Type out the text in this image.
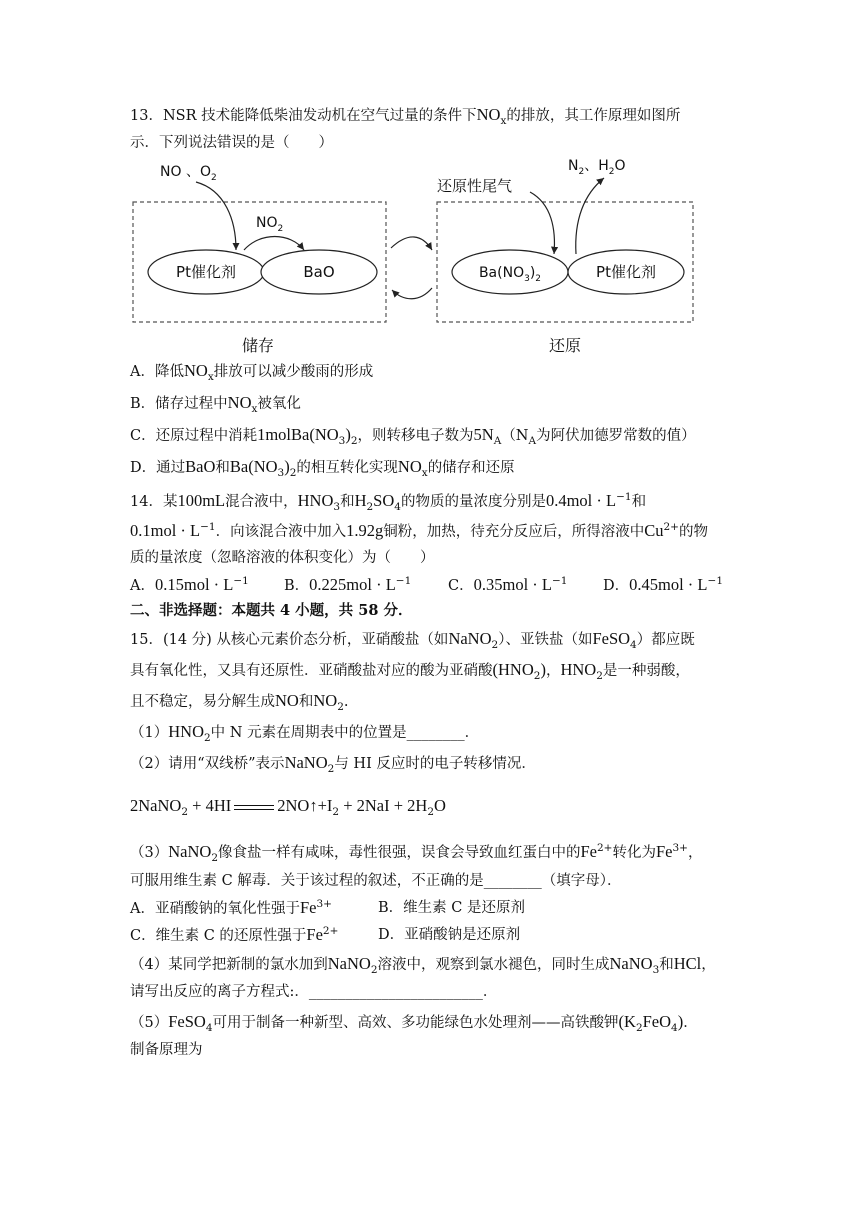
13．NSR 技术能降低柴油发动机在空气过量的条件下$NO_x$的排放，其工作原理如图所
NO 、$O_2$
$NO_2$
Pt催化剂	BaO	$Ba(NO_3)_2$	Pt催化剂
还原性尾气
$N_2$、$H_2O$
储存	还原
A．降低$NO_x$排放可以减少酸雨的形成
B．储存过程中$NO_x$被氧化
C．还原过程中消耗$1molBa(NO_3)_2$，则转移电子数为$5N_A(N_A$为阿伏加德罗常数的值）
D．通过BaO和$Ba(NO_3)_2$的相互转化实现$NO_x$的储存和还原
14．某100mL混合液中，$HNO_3$和$H_2SO_4$的物质的量浓度分别是$0.4mol \cdot L^{-1}$和
$0.1mol \cdot L^{-1}$．向该混合液中加入1.92g铜粉，加热，待充分反应后，所得溶液中$Cu^{2+}$的物
质的量浓度（忽略溶液的体积变化）为（　　）
A．$0.15mol \cdot L^{-1}$ B．$0.225mol \cdot L^{-1}$	C．$0.35mol \cdot L^{-1}$ D．$0.45mol \cdot L^{-1}$
二、非选择题：本题共 4 小题，共 58 分．
15．(14 分) 从核心元素价态分析，亚硝酸盐（如NaNO$_2$）、亚铁盐（如FeSO$_4$）都应既
具有氧化性，又具有还原性．亚硝酸盐对应的酸为亚硝酸$(HNO_2)$，$HNO_2$是一种弱酸，
且不稳定，易分解生成NO和$NO_2$.
$(1)HNO_2$中 N 元素在周期表中的位置是________．
（2）请用“双线桥”表示NaNO$_2$与 HI 反应时的电子转移情况．
2NaNO$_2$ + 4HI	$2NO↑+I_2 + 2NaI + 2H_2O$
（3）NaNO$_2$像食盐一样有咸味，毒性很强，误食会导致血红蛋白中的$Fe^{2+}$转化为$Fe^{3+}$，
可服用维生素 C 解毒．关于该过程的叙述，不正确的是________（填字母）．
A．亚硝酸钠的氧化性强于$Fe^{3+}$	B．维生素 C 是还原剂
C．维生素 C 的还原性强于$Fe^{2+}$	D．亚硝酸钠是还原剂
（4）某同学把新制的氯水加到NaNO$_2$溶液中，观察到氯水褪色，同时生成NaNO$_3$和HCl，
请写出反应的离子方程式:．________________________．
（5）FeSO$_4$可用于制备一种新型、高效、多功能绿色水处理剂——高铁酸钾$(K_2FeO_4)$．
制备原理为
示．下列说法错误的是（　　）
